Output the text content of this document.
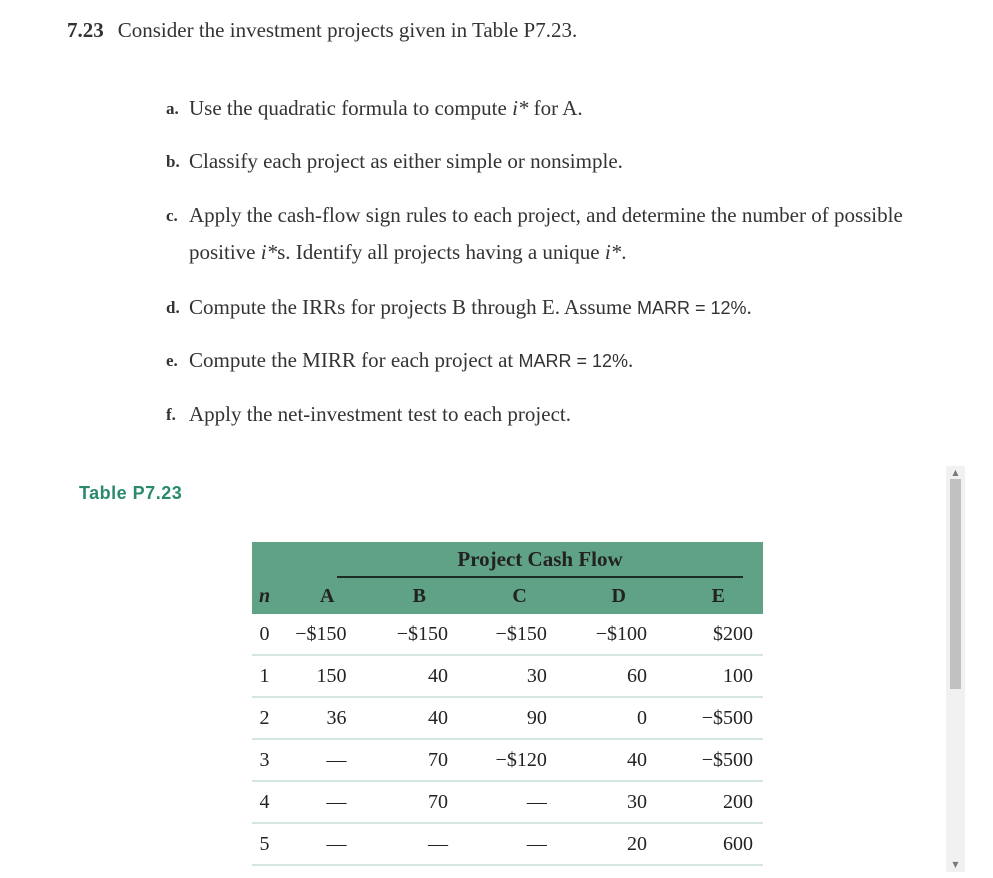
7.23 Consider the investment projects given in Table P7.23.
a. Use the quadratic formula to compute i* for A.
b. Classify each project as either simple or nonsimple.
c. Apply the cash-flow sign rules to each project, and determine the number of possible
positive i*s. Identify all projects having a unique i*.
d. Compute the IRRs for projects B through E. Assume MARR = 12%.
e. Compute the MIRR for each project at MARR = 12%.
f. Apply the net-investment test to each project.
Table P7.23

	Project Cash Flow				

n	A	B	C	D	E
0	−$150	−$150	−$150	−$100	$200
1	150	40	30	60	100
2	36	40	90	0	−$500
3	—	70	−$120	40	−$500
4	—	70	—	30	200
5	—	—	—	20	600
▲
▼
